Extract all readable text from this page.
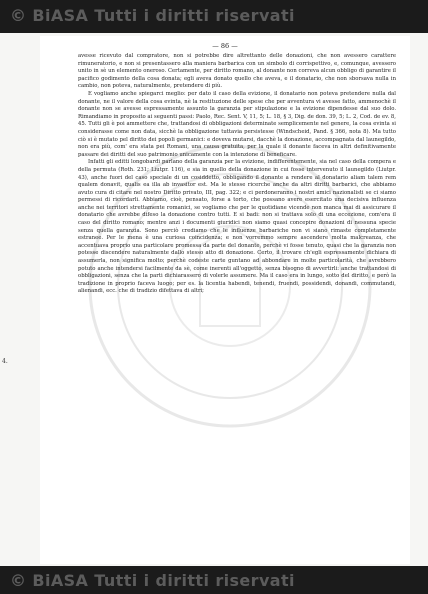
© BiASA Tutti i diritti riservati
— 86 —

avesse ricevuto dal compratore, non si potrebbe dire altrettanto delle donazioni, che non avessero carattere rimuneratorio, e non si presentassero alla maniera barbarica con un simbolo di corrispettivo, e, comunque, avessero unito in sè un elemento oneroso. Certamente, per diritto romano, al donante non correva alcun obbligo di garantire il pacifico godimento della cosa donata; egli aveva donato quello che aveva, e il donatario, che non sborsava nulla in cambio, non poteva, naturalmente, pretendere di più.

E vogliamo anche spiegarci meglio: per dato il caso della evizione, il donatario non poteva pretendere nulla dal donante, ne il valore della cosa evinta, nè la restituzione delle spese che per avventura vi avesse fatto, ammenochè il donante non se avesse espressamente assunto la garanzia per stipulazione e la evizione dipendesse dal suo dolo. Rimandiamo in proposito ai seguenti passi: Paolo, Rec. Sent. V, 11, 5; L. 18, § 3, Dig. de don. 39, 5; L. 2, Cod. de ev. 8, 45. Tutti gli è poi ammettere che, trattandosi di obbligazioni determinate semplicemente nel genere, la cosa evinta si considerasse come non data, sicchè la obbligazione tuttavia persistesse (Windscheid, Pand. § 366, nota 8). Ma tutto ciò si è mutato pel diritto dei popoli germanici: e doveva mutarsi, dacchè la donazione, accompagnata dal launegildo, non era più, com' era stata pei Romani, una causa gratuita, per la quale il donante faceva in altri definitivamente passare dei diritti del suo patrimonio unicamente con la intenzione di beneficare.

Infatti gli editti longobardi parlano della garanzia per la evizione, indifferentemente, sia nel caso della compera e della permuta (Roth. 231; Liutpr. 116), e sia in quello della donazione in cui fosse intervenuto il launegildo (Liutpr. 43), anche fuori del caso speciale di un cosiddetto, obbligando il donante a rendere al donatario aliam talem rem qualem donavit, qualis ea illa ab invasitor est. Ma le stesse ricerche anche da altri diritti barbarici, che abbiamo avuto cura di citare nel nostro Diritto privato, III, pag. 322; e ci perdoneranno i nostri amici nazionalisti se ci siamo permessi di ricordarli. Abbiamo, cioè, pensato, forse a torto, che possano avere esercitato una decisiva influenza anche nei territori strettamente romanici, se vogliamo che per le quotidiane vicende non manca mai di assicurare il donatario che avrebbe difeso la donazione contro tutti. E si badi: non si trattava solo di una eccezione, com'era il caso del diritto romano; mentre anzi i documenti giuridici non siamo quasi concepire donazioni di nessuna specie senza quella garanzia. Sono perciò crediamo che le influenze barbariche non vi siano rimaste completamente estranee. Per le mena è una curiosa coincidenza; e non vorremmo sempre ascendere molta malcreanza, che accentuava proprio una particolare promessa da parte del donante, perchè vi fosse tenuto, quasi che la garanzia non potesse discendere naturalmente dallo stesso atto di donazione. Certo, il trovare ch'egli espressamente dichiara di assumerla, non significa molto; perchè codeste carte guntano ad abbondare in molte particolarità, che avrebbero potuto anche intendersi facilmente da sè, come inerenti all'oggetto, senza bisogno di avvertirli: anche trattandosi di obbligazioni, senza che la parti dichiarassero di volerle assumere. Ma il caso era in lungo, sotto del diritto, e però la tradizione in proprio faceva luogo; per es. la licentia habendi, tenendi, fruendi, possidendi, donandi, commutandi, alienandi, ecc. che di tradizio difettava di altri;

4.
© BiASA Tutti i diritti riservati
